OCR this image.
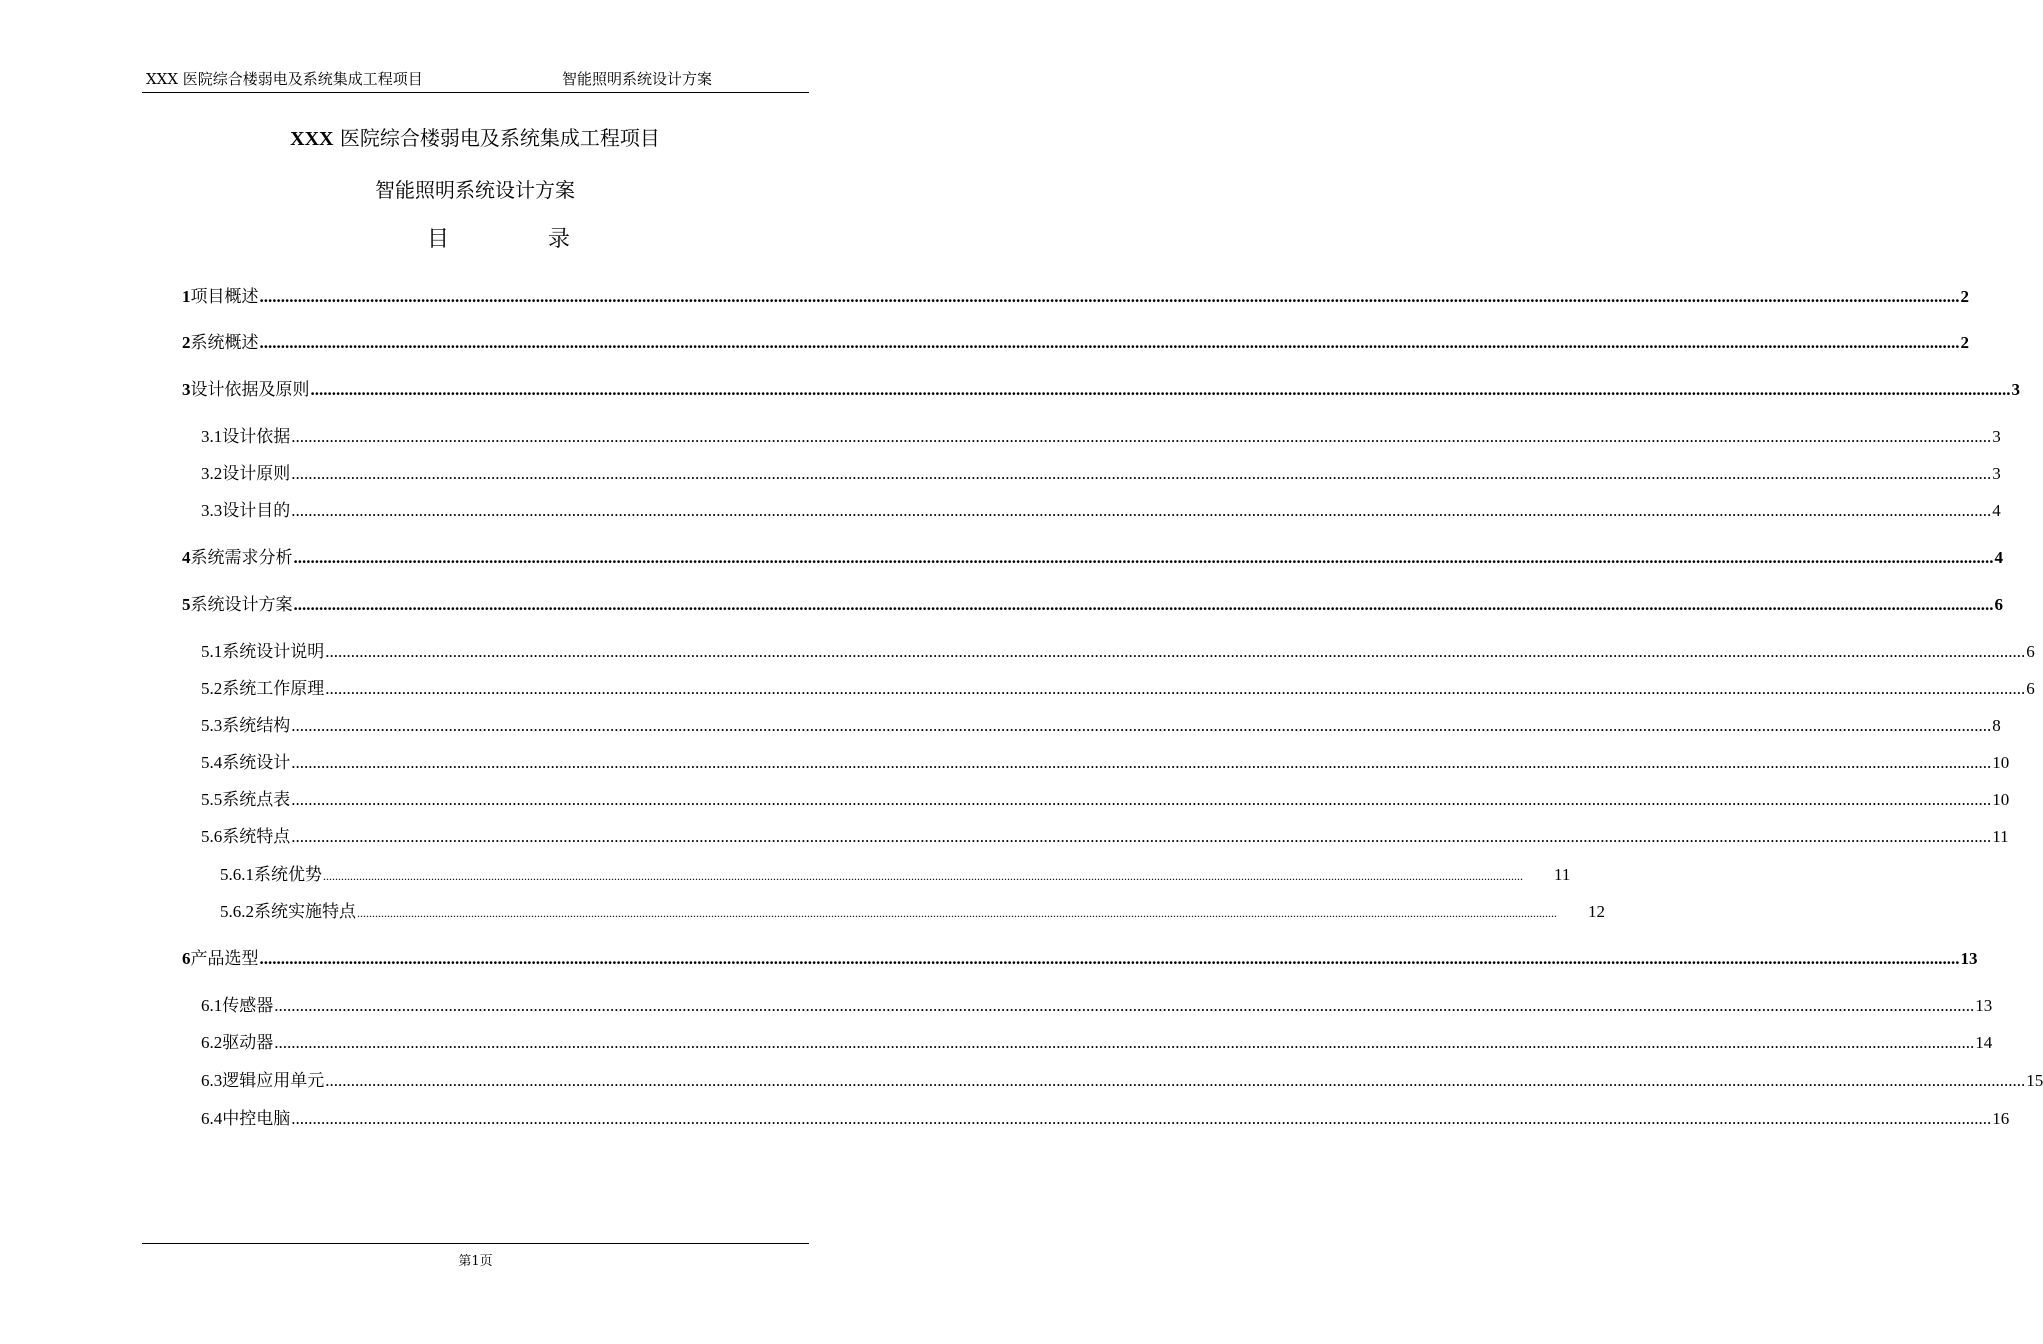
XXX 医院综合楼弱电及系统集成工程项目	智能照明系统设计方案
XXX 医院综合楼弱电及系统集成工程项目
智能照明系统设计方案
目	录
1 项目概述 ................................................................................................................................................................................................................................................................................................................................................................................................................ 2
2 系统概述 ................................................................................................................................................................................................................................................................................................................................................................................................................ 2
3 设计依据及原则 ................................................................................................................................................................................................................................................................................................................................................................................................................ 3
3.1 设计依据 ................................................................................................................................................................................................................................................................................................................................................................................................................ 3
3.2 设计原则 ................................................................................................................................................................................................................................................................................................................................................................................................................ 3
3.3 设计目的 ................................................................................................................................................................................................................................................................................................................................................................................................................ 4
4 系统需求分析 ................................................................................................................................................................................................................................................................................................................................................................................................................ 4
5 系统设计方案 ................................................................................................................................................................................................................................................................................................................................................................................................................ 6
5.1 系统设计说明 ................................................................................................................................................................................................................................................................................................................................................................................................................ 6
5.2 系统工作原理 ................................................................................................................................................................................................................................................................................................................................................................................................................ 6
5.3 系统结构 ................................................................................................................................................................................................................................................................................................................................................................................................................ 8
5.4 系统设计 ................................................................................................................................................................................................................................................................................................................................................................................................................ 10
5.5 系统点表 ................................................................................................................................................................................................................................................................................................................................................................................................................ 10
5.6 系统特点 ................................................................................................................................................................................................................................................................................................................................................................................................................ 11
5.6.1 系统优势 ................................................................................................................................................................................................................................................................................................................................................................................................................	11
5.6.2 系统实施特点 ................................................................................................................................................................................................................................................................................................................................................................................................................	12
6 产品选型 ................................................................................................................................................................................................................................................................................................................................................................................................................ 13
6.1 传感器 ................................................................................................................................................................................................................................................................................................................................................................................................................ 13
6.2 驱动器 ................................................................................................................................................................................................................................................................................................................................................................................................................ 14
6.3 逻辑应用单元 ................................................................................................................................................................................................................................................................................................................................................................................................................ 15
6.4 中控电脑 ................................................................................................................................................................................................................................................................................................................................................................................................................ 16
第1页
